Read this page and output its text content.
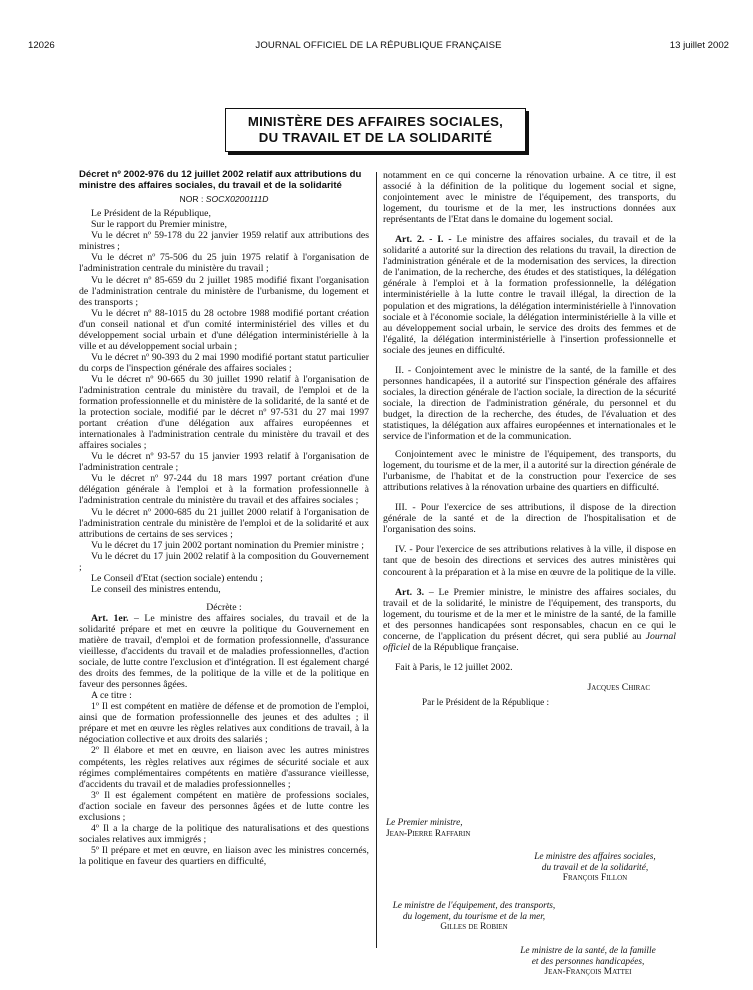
12026	JOURNAL OFFICIEL DE LA RÉPUBLIQUE FRANÇAISE	13 juillet 2002
MINISTÈRE DES AFFAIRES SOCIALES,
DU TRAVAIL ET DE LA SOLIDARITÉ
Décret nº 2002-976 du 12 juillet 2002 relatif aux attributions du ministre des affaires sociales, du travail et de la solidarité
NOR : SOCX0200111D

Le Président de la République,

Sur le rapport du Premier ministre,

Vu le décret nº 59-178 du 22 janvier 1959 relatif aux attributions des ministres ;

Vu le décret nº 75-506 du 25 juin 1975 relatif à l'organisation de l'administration centrale du ministère du travail ;

Vu le décret nº 85-659 du 2 juillet 1985 modifié fixant l'organisation de l'administration centrale du ministère de l'urbanisme, du logement et des transports ;

Vu le décret nº 88-1015 du 28 octobre 1988 modifié portant création d'un conseil national et d'un comité interministériel des villes et du développement social urbain et d'une délégation interministérielle à la ville et au développement social urbain ;

Vu le décret nº 90-393 du 2 mai 1990 modifié portant statut particulier du corps de l'inspection générale des affaires sociales ;

Vu le décret nº 90-665 du 30 juillet 1990 relatif à l'organisation de l'administration centrale du ministère du travail, de l'emploi et de la formation professionnelle et du ministère de la solidarité, de la santé et de la protection sociale, modifié par le décret nº 97-531 du 27 mai 1997 portant création d'une délégation aux affaires européennes et internationales à l'administration centrale du ministère du travail et des affaires sociales ;

Vu le décret nº 93-57 du 15 janvier 1993 relatif à l'organisation de l'administration centrale ;

Vu le décret nº 97-244 du 18 mars 1997 portant création d'une délégation générale à l'emploi et à la formation professionnelle à l'administration centrale du ministère du travail et des affaires sociales ;

Vu le décret nº 2000-685 du 21 juillet 2000 relatif à l'organisation de l'administration centrale du ministère de l'emploi et de la solidarité et aux attributions de certains de ses services ;

Vu le décret du 17 juin 2002 portant nomination du Premier ministre ;

Vu le décret du 17 juin 2002 relatif à la composition du Gouvernement ;

Le Conseil d'Etat (section sociale) entendu ;

Le conseil des ministres entendu,

Décrète :

Art. 1er. – Le ministre des affaires sociales, du travail et de la solidarité prépare et met en œuvre la politique du Gouvernement en matière de travail, d'emploi et de formation professionnelle, d'assurance vieillesse, d'accidents du travail et de maladies professionnelles, d'action sociale, de lutte contre l'exclusion et d'intégration. Il est également chargé des droits des femmes, de la politique de la ville et de la politique en faveur des personnes âgées.

A ce titre :

1º Il est compétent en matière de défense et de promotion de l'emploi, ainsi que de formation professionnelle des jeunes et des adultes ; il prépare et met en œuvre les règles relatives aux conditions de travail, à la négociation collective et aux droits des salariés ;

2º Il élabore et met en œuvre, en liaison avec les autres ministres compétents, les règles relatives aux régimes de sécurité sociale et aux régimes complémentaires compétents en matière d'assurance vieillesse, d'accidents du travail et de maladies professionnelles ;

3º Il est également compétent en matière de professions sociales, d'action sociale en faveur des personnes âgées et de lutte contre les exclusions ;

4º Il a la charge de la politique des naturalisations et des questions sociales relatives aux immigrés ;

5º Il prépare et met en œuvre, en liaison avec les ministres concernés, la politique en faveur des quartiers en difficulté,

notamment en ce qui concerne la rénovation urbaine. A ce titre, il est associé à la définition de la politique du logement social et signe, conjointement avec le ministre de l'équipement, des transports, du logement, du tourisme et de la mer, les instructions données aux représentants de l'Etat dans le domaine du logement social.

Art. 2. - I. - Le ministre des affaires sociales, du travail et de la solidarité a autorité sur la direction des relations du travail, la direction de l'administration générale et de la modernisation des services, la direction de l'animation, de la recherche, des études et des statistiques, la délégation générale à l'emploi et à la formation professionnelle, la délégation interministérielle à la lutte contre le travail illégal, la direction de la population et des migrations, la délégation interministérielle à l'innovation sociale et à l'économie sociale, la délégation interministérielle à la ville et au développement social urbain, le service des droits des femmes et de l'égalité, la délégation interministérielle à l'insertion professionnelle et sociale des jeunes en difficulté.

II. - Conjointement avec le ministre de la santé, de la famille et des personnes handicapées, il a autorité sur l'inspection générale des affaires sociales, la direction générale de l'action sociale, la direction de la sécurité sociale, la direction de l'administration générale, du personnel et du budget, la direction de la recherche, des études, de l'évaluation et des statistiques, la délégation aux affaires européennes et internationales et le service de l'information et de la communication.

Conjointement avec le ministre de l'équipement, des transports, du logement, du tourisme et de la mer, il a autorité sur la direction générale de l'urbanisme, de l'habitat et de la construction pour l'exercice de ses attributions relatives à la rénovation urbaine des quartiers en difficulté.

III. - Pour l'exercice de ses attributions, il dispose de la direction générale de la santé et de la direction de l'hospitalisation et de l'organisation des soins.

IV. - Pour l'exercice de ses attributions relatives à la ville, il dispose en tant que de besoin des directions et services des autres ministères qui concourent à la préparation et à la mise en œuvre de la politique de la ville.

Art. 3. – Le Premier ministre, le ministre des affaires sociales, du travail et de la solidarité, le ministre de l'équipement, des transports, du logement, du tourisme et de la mer et le ministre de la santé, de la famille et des personnes handicapées sont responsables, chacun en ce qui le concerne, de l'application du présent décret, qui sera publié au Journal officiel de la République française.

Fait à Paris, le 12 juillet 2002.

Jacques Chirac

Par le Président de la République :

Le Premier ministre,
Jean-Pierre Raffarin
Le ministre des affaires sociales,
du travail et de la solidarité,
François Fillon
Le ministre de l'équipement, des transports,
du logement, du tourisme et de la mer,
Gilles de Robien
Le ministre de la santé, de la famille
et des personnes handicapées,
Jean-François Mattei
